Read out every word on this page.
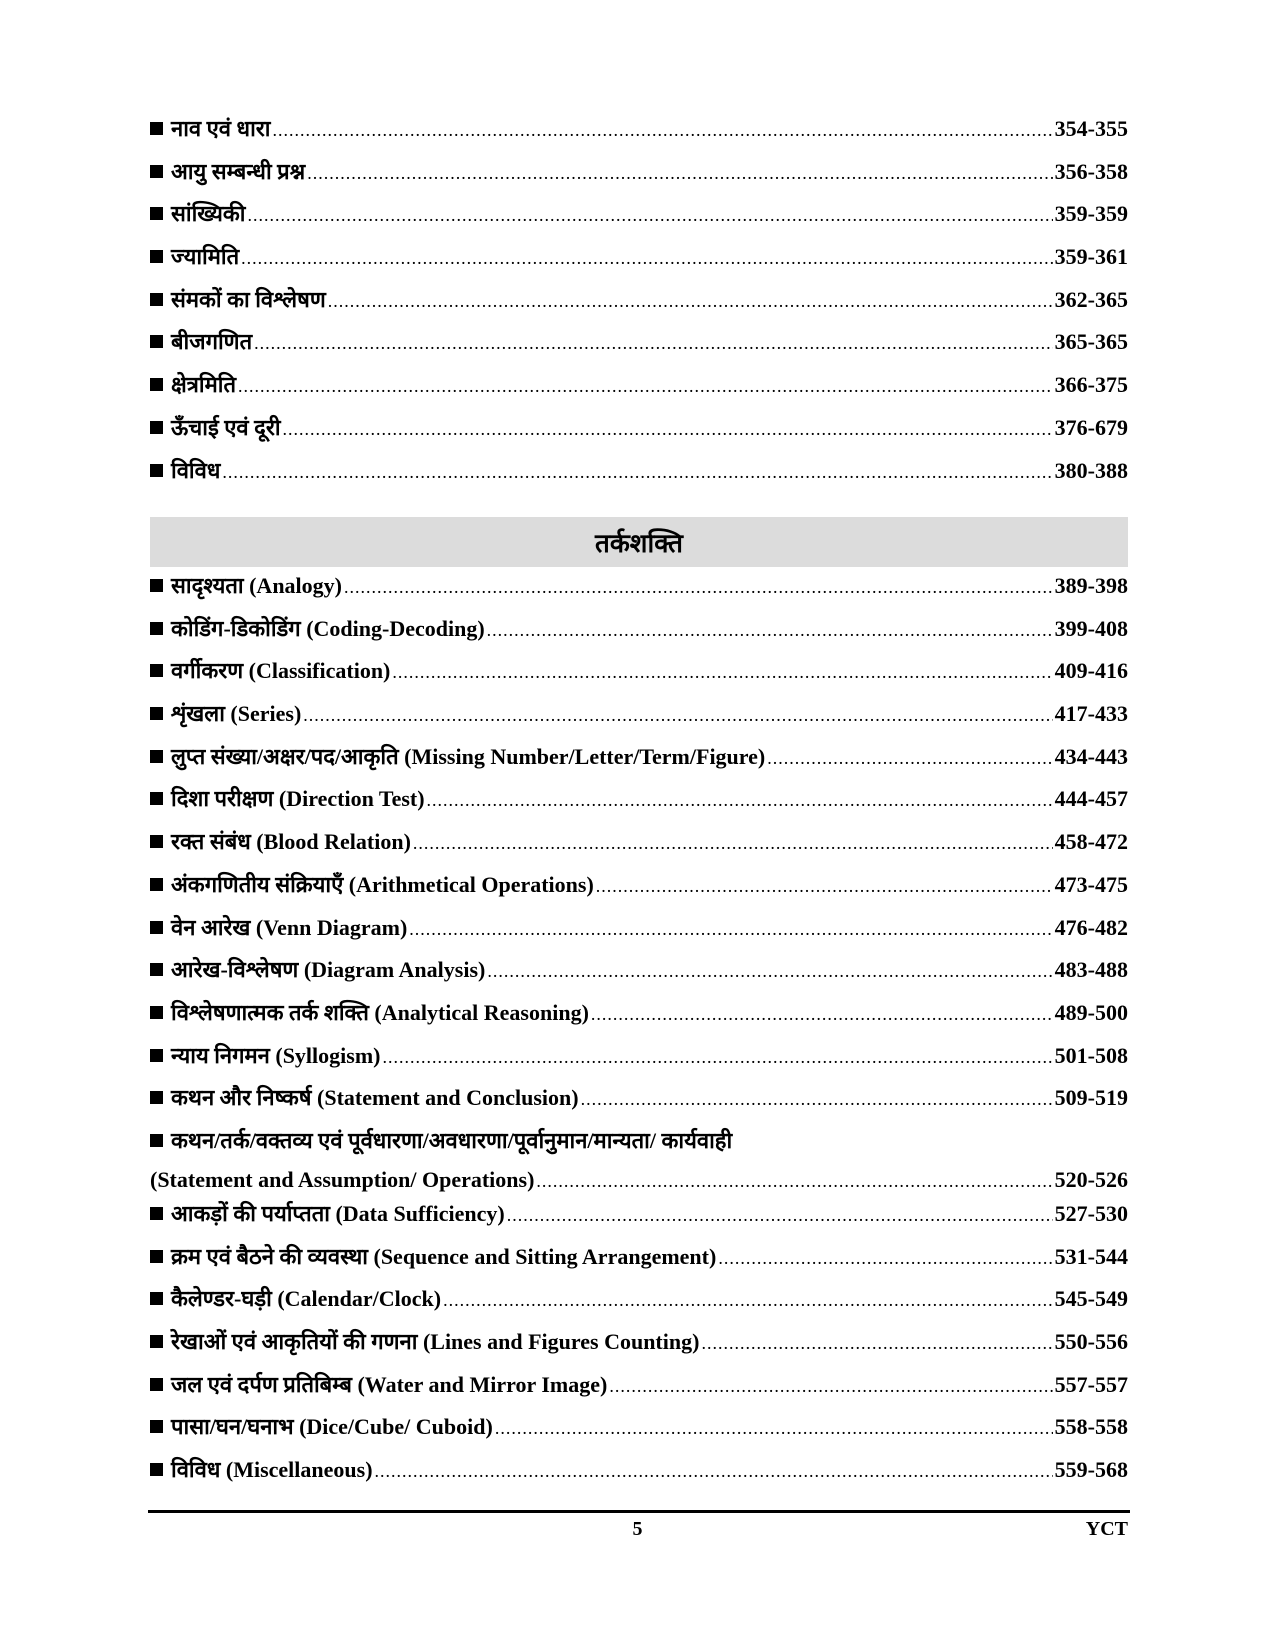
नाव एवं धारा .....	354-355
आयु सम्बन्धी प्रश्न .....	356-358
सांख्यिकी .....	359-359
ज्यामिति .....	359-361
संमकों का विश्लेषण .....	362-365
बीजगणित .....	365-365
क्षेत्रमिति .....	366-375
ऊँचाई एवं दूरी .....	376-679
विविध .....	380-388
तर्कशक्ति
सादृश्यता (Analogy) .....	389-398
कोडिंग-डिकोडिंग (Coding-Decoding) .....	399-408
वर्गीकरण (Classification) .....	409-416
शृंखला (Series) .....	417-433
लुप्त संख्या/अक्षर/पद/आकृति (Missing Number/Letter/Term/Figure) .....	434-443
दिशा परीक्षण (Direction Test) .....	444-457
रक्त संबंध (Blood Relation) .....	458-472
अंकगणितीय संक्रियाएँ (Arithmetical Operations) .....	473-475
वेन आरेख (Venn Diagram) .....	476-482
आरेख-विश्लेषण (Diagram Analysis) .....	483-488
विश्लेषणात्मक तर्क शक्ति (Analytical Reasoning) .....	489-500
न्याय निगमन (Syllogism) .....	501-508
कथन और निष्कर्ष (Statement and Conclusion) .....	509-519
कथन/तर्क/वक्तव्य एवं पूर्वधारणा/अवधारणा/पूर्वानुमान/मान्यता/ कार्यवाही
(Statement and Assumption/ Operations) .....	520-526
आकड़ों की पर्याप्तता (Data Sufficiency) .....	527-530
क्रम एवं बैठने की व्यवस्था (Sequence and Sitting Arrangement) .....	531-544
कैलेण्डर-घड़ी (Calendar/Clock) .....	545-549
रेखाओं एवं आकृतियों की गणना (Lines and Figures Counting) .....	550-556
जल एवं दर्पण प्रतिबिम्ब (Water and Mirror Image) .....	557-557
पासा/घन/घनाभ (Dice/Cube/ Cuboid) .....	558-558
विविध (Miscellaneous) .....	559-568
5	YCT
